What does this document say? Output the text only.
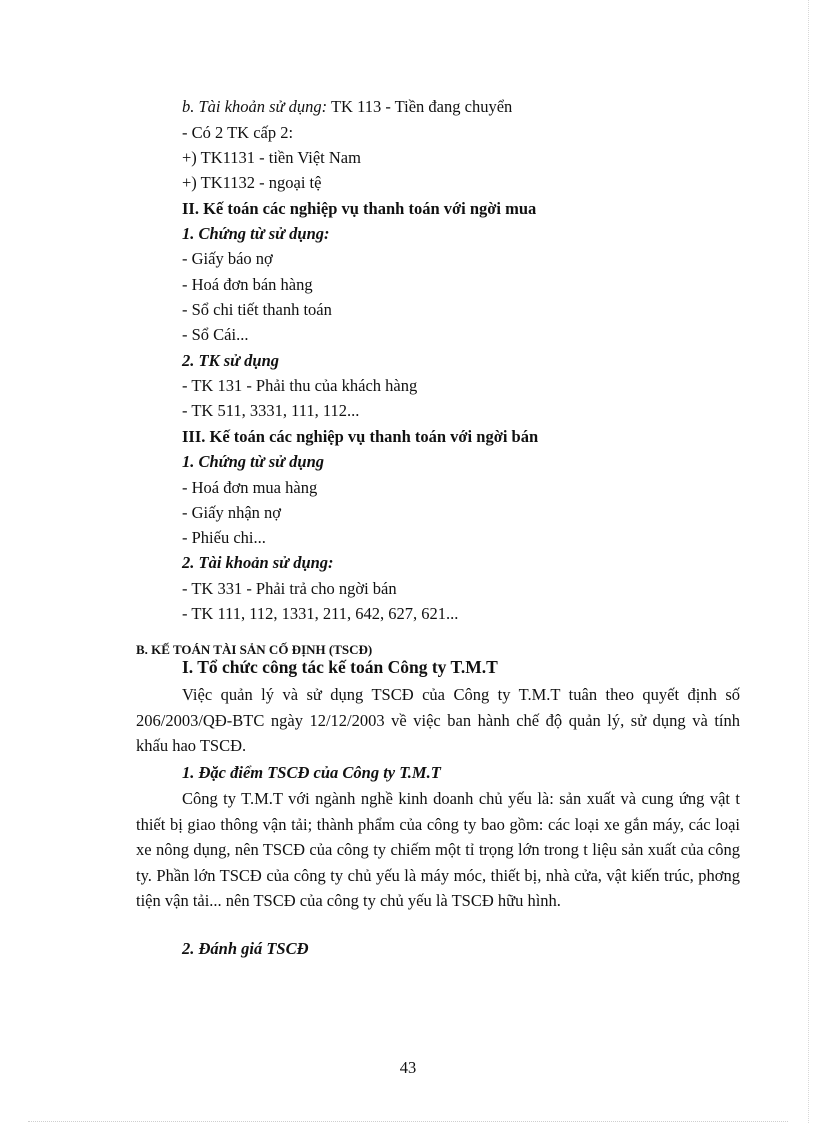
b. Tài khoản sử dụng: TK 113 - Tiền đang chuyển
- Có 2 TK cấp 2:
+) TK1131 - tiền Việt Nam
+) TK1132 - ngoại tệ
II. Kế toán các nghiệp vụ thanh toán với ngời mua
1. Chứng từ sử dụng:
- Giấy báo nợ
- Hoá đơn bán hàng
- Sổ chi tiết thanh toán
- Sổ Cái...
2. TK sử dụng
- TK 131 - Phải thu của khách hàng
- TK 511, 3331, 111, 112...
III. Kế toán các nghiệp vụ thanh toán với ngời bán
1. Chứng từ sử dụng
- Hoá đơn mua hàng
- Giấy nhận nợ
- Phiếu chi...
2. Tài khoản sử dụng:
- TK 331 - Phải trả cho ngời bán
- TK 111, 112, 1331, 211, 642, 627, 621...
B. KẾ TOÁN TÀI SẢN CỐ ĐỊNH (TSCĐ)
I. Tổ chức công tác kế toán Công ty T.M.T
Việc quản lý và sử dụng TSCĐ của Công ty T.M.T tuân theo quyết định số 206/2003/QĐ-BTC ngày 12/12/2003 về việc ban hành chế độ quản lý, sử dụng và tính khấu hao TSCĐ.
1. Đặc điểm TSCĐ của Công ty T.M.T
Công ty T.M.T với ngành nghề kinh doanh chủ yếu là: sản xuất và cung ứng vật t thiết bị giao thông vận tải; thành phẩm của công ty bao gồm: các loại xe gắn máy, các loại xe nông dụng, nên TSCĐ của công ty chiếm một tỉ trọng lớn trong t liệu sản xuất của công ty. Phần lớn TSCĐ của công ty chủ yếu là máy móc, thiết bị, nhà cửa, vật kiến trúc, phơng tiện vận tải... nên TSCĐ của công ty chủ yếu là TSCĐ hữu hình.
2. Đánh giá TSCĐ
43
